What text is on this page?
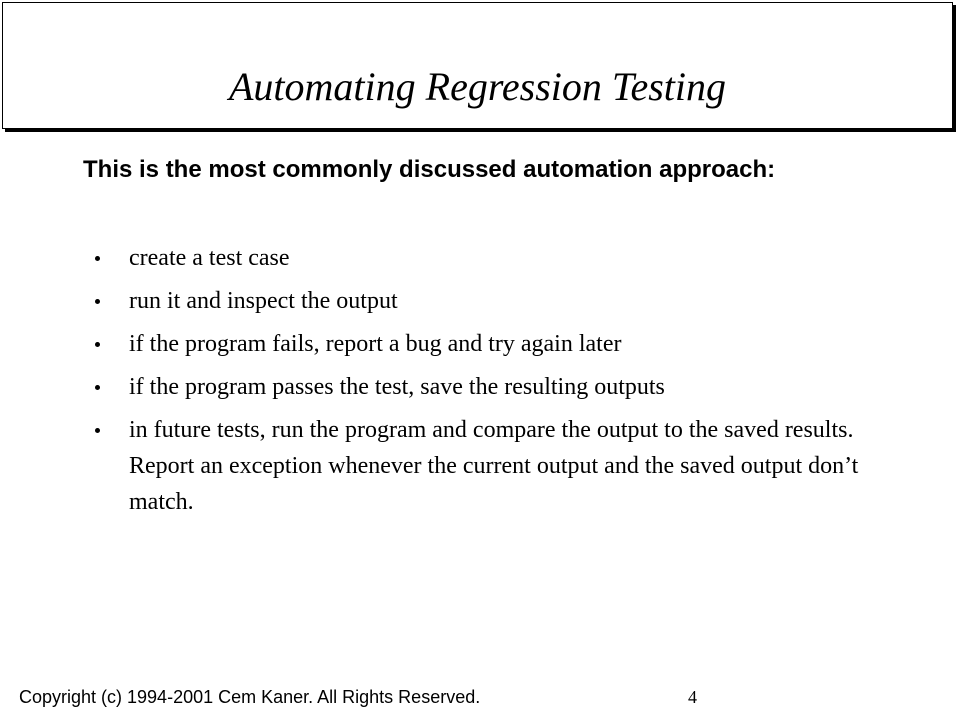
Automating Regression Testing
This is the most commonly discussed automation approach:
create a test case
run it and inspect the output
if the program fails, report a bug and try again later
if the program passes the test, save the resulting outputs
in future tests, run the program and compare the output to the saved results. Report an exception whenever the current output and the saved output don’t match.
Copyright (c) 1994-2001 Cem Kaner. All Rights Reserved.	4
